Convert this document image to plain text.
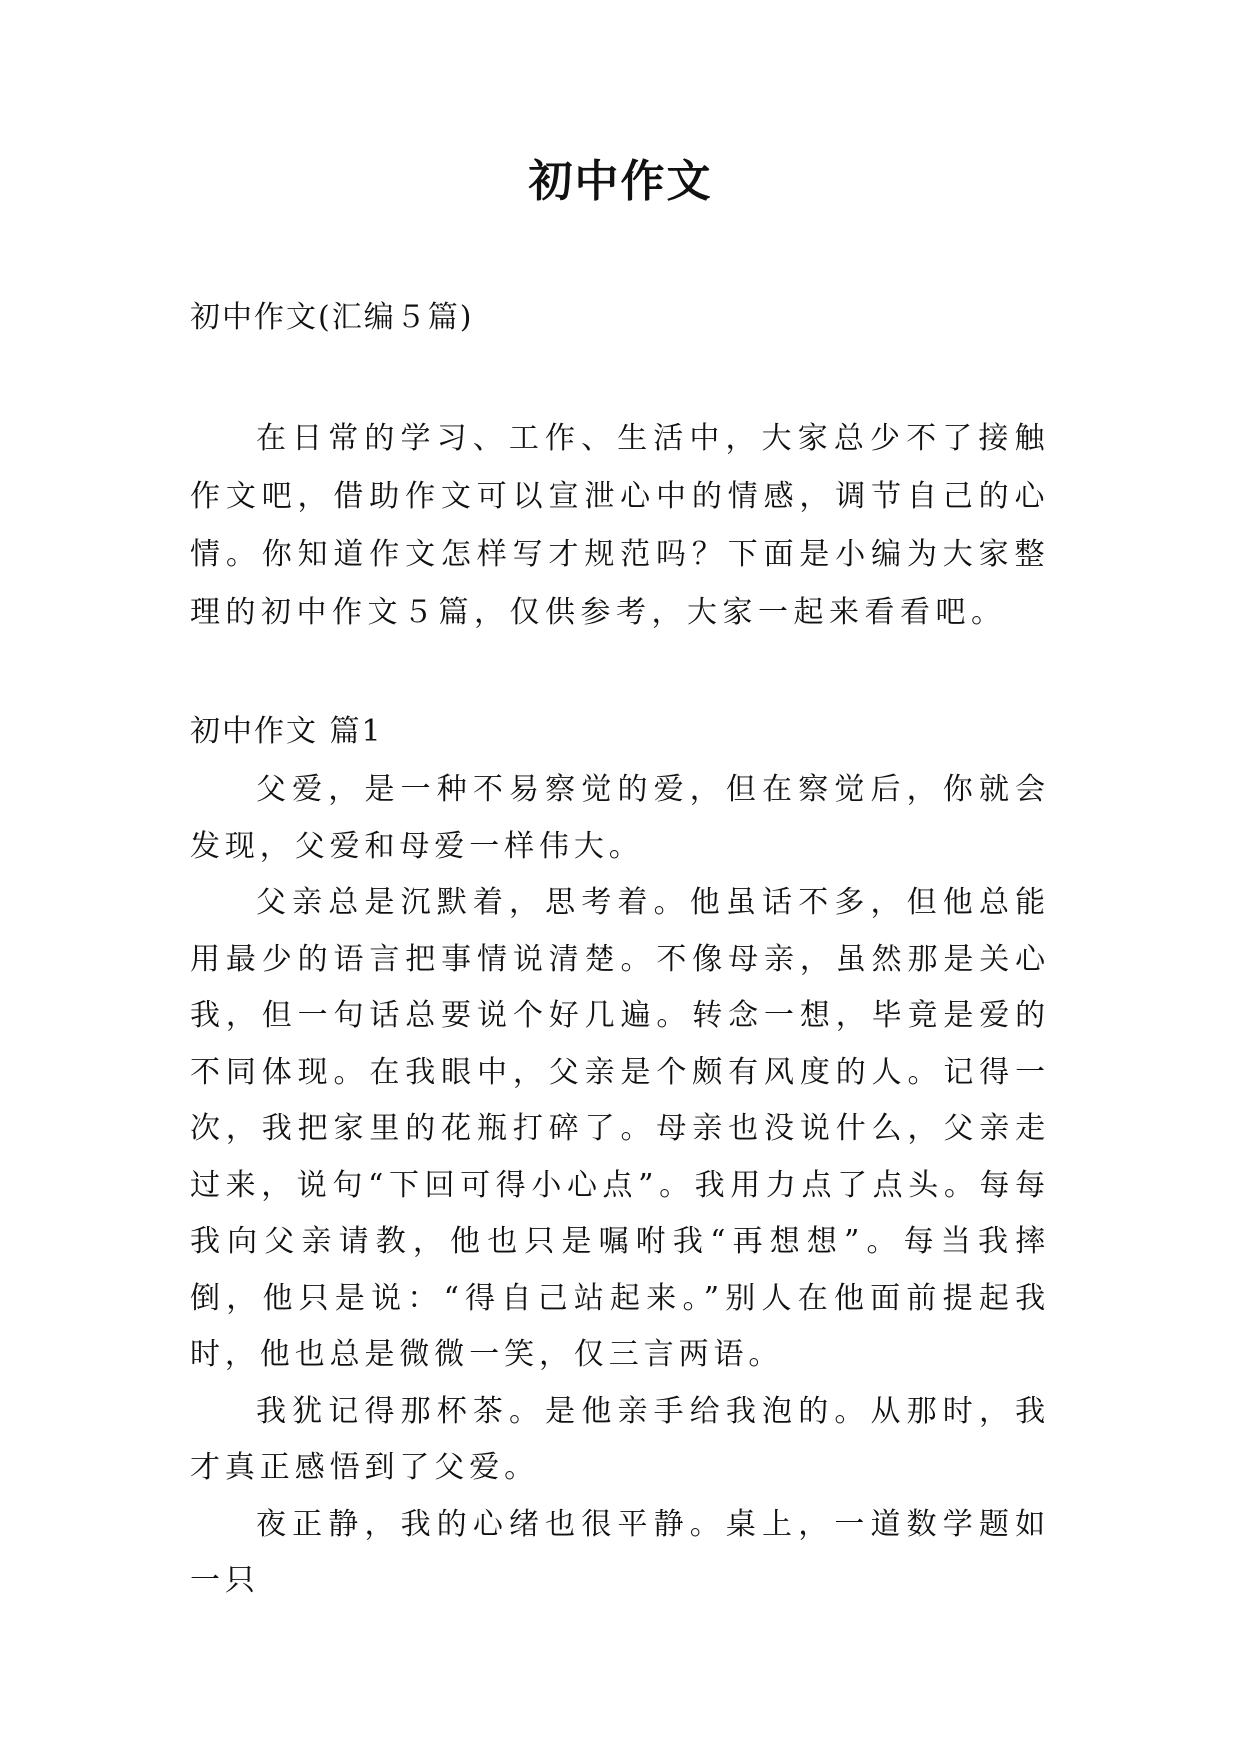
初中作文
初中作文(汇编５篇)

在日常的学习、工作、生活中，大家总少不了接触作文吧，借助作文可以宣泄心中的情感，调节自己的心情。你知道作文怎样写才规范吗？下面是小编为大家整理的初中作文５篇，仅供参考，大家一起来看看吧。

初中作文 篇1

父爱，是一种不易察觉的爱，但在察觉后，你就会发现，父爱和母爱一样伟大。

父亲总是沉默着，思考着。他虽话不多，但他总能用最少的语言把事情说清楚。不像母亲，虽然那是关心我，但一句话总要说个好几遍。转念一想，毕竟是爱的不同体现。在我眼中，父亲是个颇有风度的人。记得一次，我把家里的花瓶打碎了。母亲也没说什么，父亲走过来，说句“下回可得小心点”。我用力点了点头。每每我向父亲请教，他也只是嘱咐我“再想想”。每当我摔倒，他只是说：“得自己站起来。”别人在他面前提起我时，他也总是微微一笑，仅三言两语。

我犹记得那杯茶。是他亲手给我泡的。从那时，我才真正感悟到了父爱。

夜正静，我的心绪也很平静。桌上，一道数学题如一只
